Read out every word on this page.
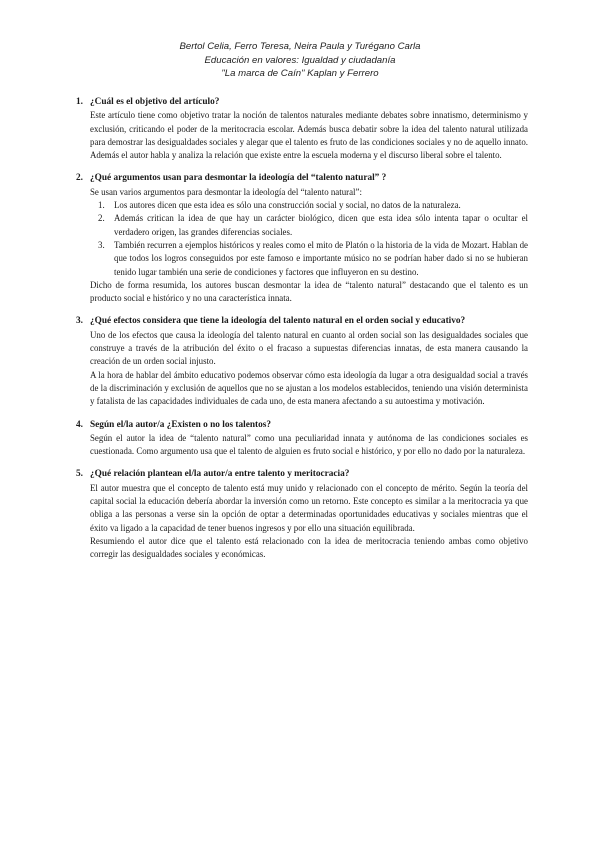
Bertol Celia, Ferro Teresa, Neira Paula y Turégano Carla
Educación en valores: Igualdad y ciudadanía
"La marca de Caín" Kaplan y Ferrero
1. ¿Cuál es el objetivo del artículo?
Este artículo tiene como objetivo tratar la noción de talentos naturales mediante debates sobre innatismo, determinismo y exclusión, criticando el poder de la meritocracia escolar. Además busca debatir sobre la idea del talento natural utilizada para demostrar las desigualdades sociales y alegar que el talento es fruto de las condiciones sociales y no de aquello innato. Además el autor habla y analiza la relación que existe entre la escuela moderna y el discurso liberal sobre el talento.
2. ¿Qué argumentos usan para desmontar la ideología del “talento natural” ?
Se usan varios argumentos para desmontar la ideología del “talento natural”:
1. Los autores dicen que esta idea es sólo una construcción social y social, no datos de la naturaleza.
2. Además critican la idea de que hay un carácter biológico, dicen que esta idea sólo intenta tapar o ocultar el verdadero origen, las grandes diferencias sociales.
3. También recurren a ejemplos históricos y reales como el mito de Platón o la historia de la vida de Mozart. Hablan de que todos los logros conseguidos por este famoso e importante músico no se podrían haber dado si no se hubieran tenido lugar también una serie de condiciones y factores que influyeron en su destino.
Dicho de forma resumida, los autores buscan desmontar la idea de “talento natural” destacando que el talento es un producto social e histórico y no una característica innata.
3. ¿Qué efectos considera que tiene la ideología del talento natural en el orden social y educativo?
Uno de los efectos que causa la ideología del talento natural en cuanto al orden social son las desigualdades sociales que construye a través de la atribución del éxito o el fracaso a supuestas diferencias innatas, de esta manera causando la creación de un orden social injusto.
A la hora de hablar del ámbito educativo podemos observar cómo esta ideología da lugar a otra desigualdad social a través de la discriminación y exclusión de aquellos que no se ajustan a los modelos establecidos, teniendo una visión determinista y fatalista de las capacidades individuales de cada uno, de esta manera afectando a su autoestima y motivación.
4. Según el/la autor/a ¿Existen o no los talentos?
Según el autor la idea de “talento natural” como una peculiaridad innata y autónoma de las condiciones sociales es cuestionada. Como argumento usa que el talento de alguien es fruto social e histórico, y por ello no dado por la naturaleza.
5. ¿Qué relación plantean el/la autor/a entre talento y meritocracia?
El autor muestra que el concepto de talento está muy unido y relacionado con el concepto de mérito. Según la teoría del capital social la educación debería abordar la inversión como un retorno. Este concepto es similar a la meritocracia ya que obliga a las personas a verse sin la opción de optar a determinadas oportunidades educativas y sociales mientras que el éxito va ligado a la capacidad de tener buenos ingresos y por ello una situación equilibrada.
Resumiendo el autor dice que el talento está relacionado con la idea de meritocracia teniendo ambas como objetivo corregir las desigualdades sociales y económicas.
